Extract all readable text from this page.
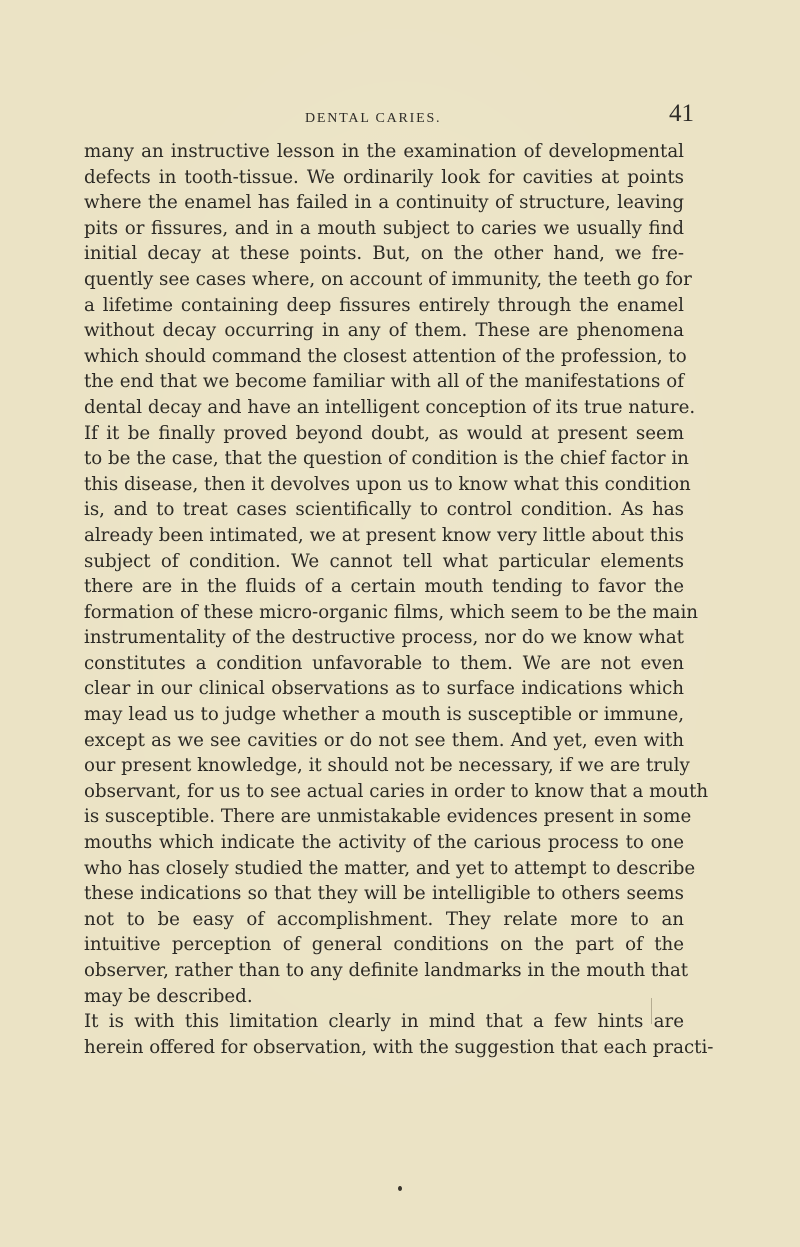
DENTAL CARIES.	41
many an instructive lesson in the examination of developmental
defects in tooth-tissue. We ordinarily look for cavities at points
where the enamel has failed in a continuity of structure, leaving
pits or fissures, and in a mouth subject to caries we usually find
initial decay at these points. But, on the other hand, we fre-
quently see cases where, on account of immunity, the teeth go for
a lifetime containing deep fissures entirely through the enamel
without decay occurring in any of them. These are phenomena
which should command the closest attention of the profession, to
the end that we become familiar with all of the manifestations of
dental decay and have an intelligent conception of its true nature.
If it be finally proved beyond doubt, as would at present seem
to be the case, that the question of condition is the chief factor in
this disease, then it devolves upon us to know what this condition
is, and to treat cases scientifically to control condition. As has
already been intimated, we at present know very little about this
subject of condition. We cannot tell what particular elements
there are in the fluids of a certain mouth tending to favor the
formation of these micro-organic films, which seem to be the main
instrumentality of the destructive process, nor do we know what
constitutes a condition unfavorable to them. We are not even
clear in our clinical observations as to surface indications which
may lead us to judge whether a mouth is susceptible or immune,
except as we see cavities or do not see them. And yet, even with
our present knowledge, it should not be necessary, if we are truly
observant, for us to see actual caries in order to know that a mouth
is susceptible. There are unmistakable evidences present in some
mouths which indicate the activity of the carious process to one
who has closely studied the matter, and yet to attempt to describe
these indications so that they will be intelligible to others seems
not to be easy of accomplishment. They relate more to an
intuitive perception of general conditions on the part of the
observer, rather than to any definite landmarks in the mouth that
may be described.
It is with this limitation clearly in mind that a few hints are
herein offered for observation, with the suggestion that each practi-
